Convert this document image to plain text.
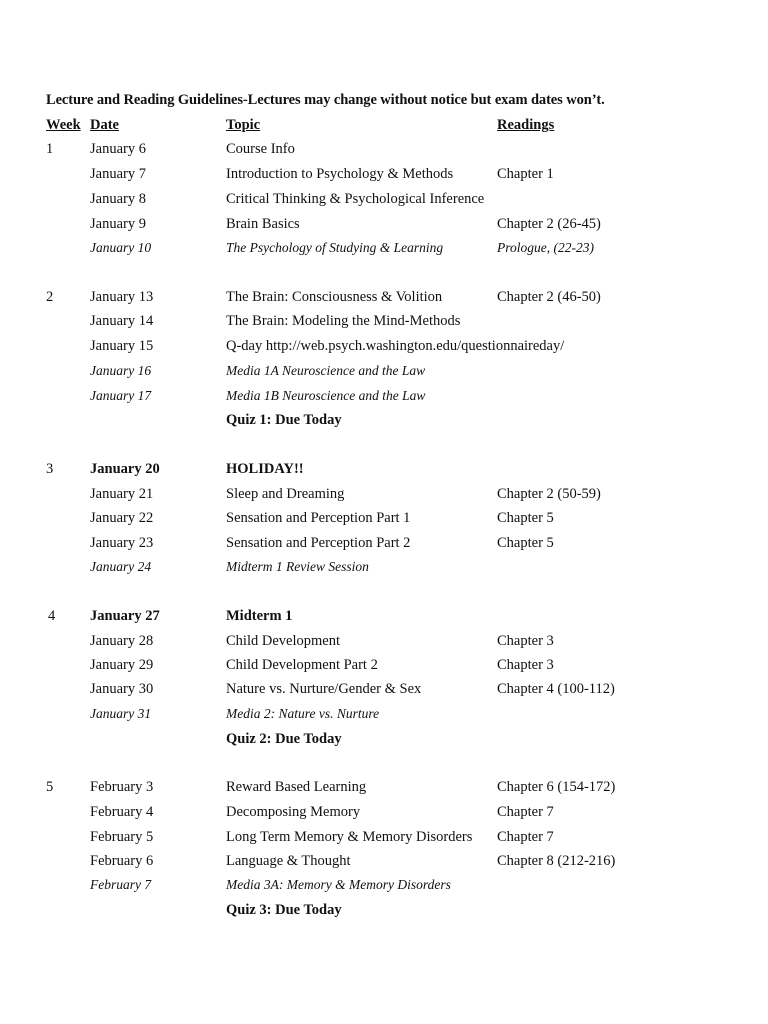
Lecture and Reading Guidelines-Lectures may change without notice but exam dates won’t.
Week Date	Topic	Readings
1	January 6	Course Info
January 7	Introduction to Psychology & Methods	Chapter 1
January 8	Critical Thinking & Psychological Inference
January 9	Brain Basics	Chapter 2 (26-45)
January 10	The Psychology of Studying & Learning	Prologue, (22-23)
2	January 13	The Brain: Consciousness & Volition	Chapter 2 (46-50)
January 14	The Brain: Modeling the Mind-Methods
January 15	Q-day http://web.psych.washington.edu/questionnaireday/
January 16	Media 1A Neuroscience and the Law
January 17	Media 1B Neuroscience and the Law
Quiz 1: Due Today
3	January 20	HOLIDAY!!
January 21	Sleep and Dreaming	Chapter 2 (50-59)
January 22	Sensation and Perception Part 1	Chapter 5
January 23	Sensation and Perception Part 2	Chapter 5
January 24	Midterm 1 Review Session
4 January 27	Midterm 1
January 28	Child Development	Chapter 3
January 29	Child Development Part 2	Chapter 3
January 30	Nature vs. Nurture/Gender & Sex	Chapter 4 (100-112)
January 31	Media 2: Nature vs. Nurture
Quiz 2: Due Today
5	February 3	Reward Based Learning	Chapter 6 (154-172)
February 4	Decomposing Memory	Chapter 7
February 5	Long Term Memory & Memory Disorders Chapter 7
February 6	Language & Thought	Chapter 8 (212-216)
February 7	Media 3A: Memory & Memory Disorders
Quiz 3: Due Today
